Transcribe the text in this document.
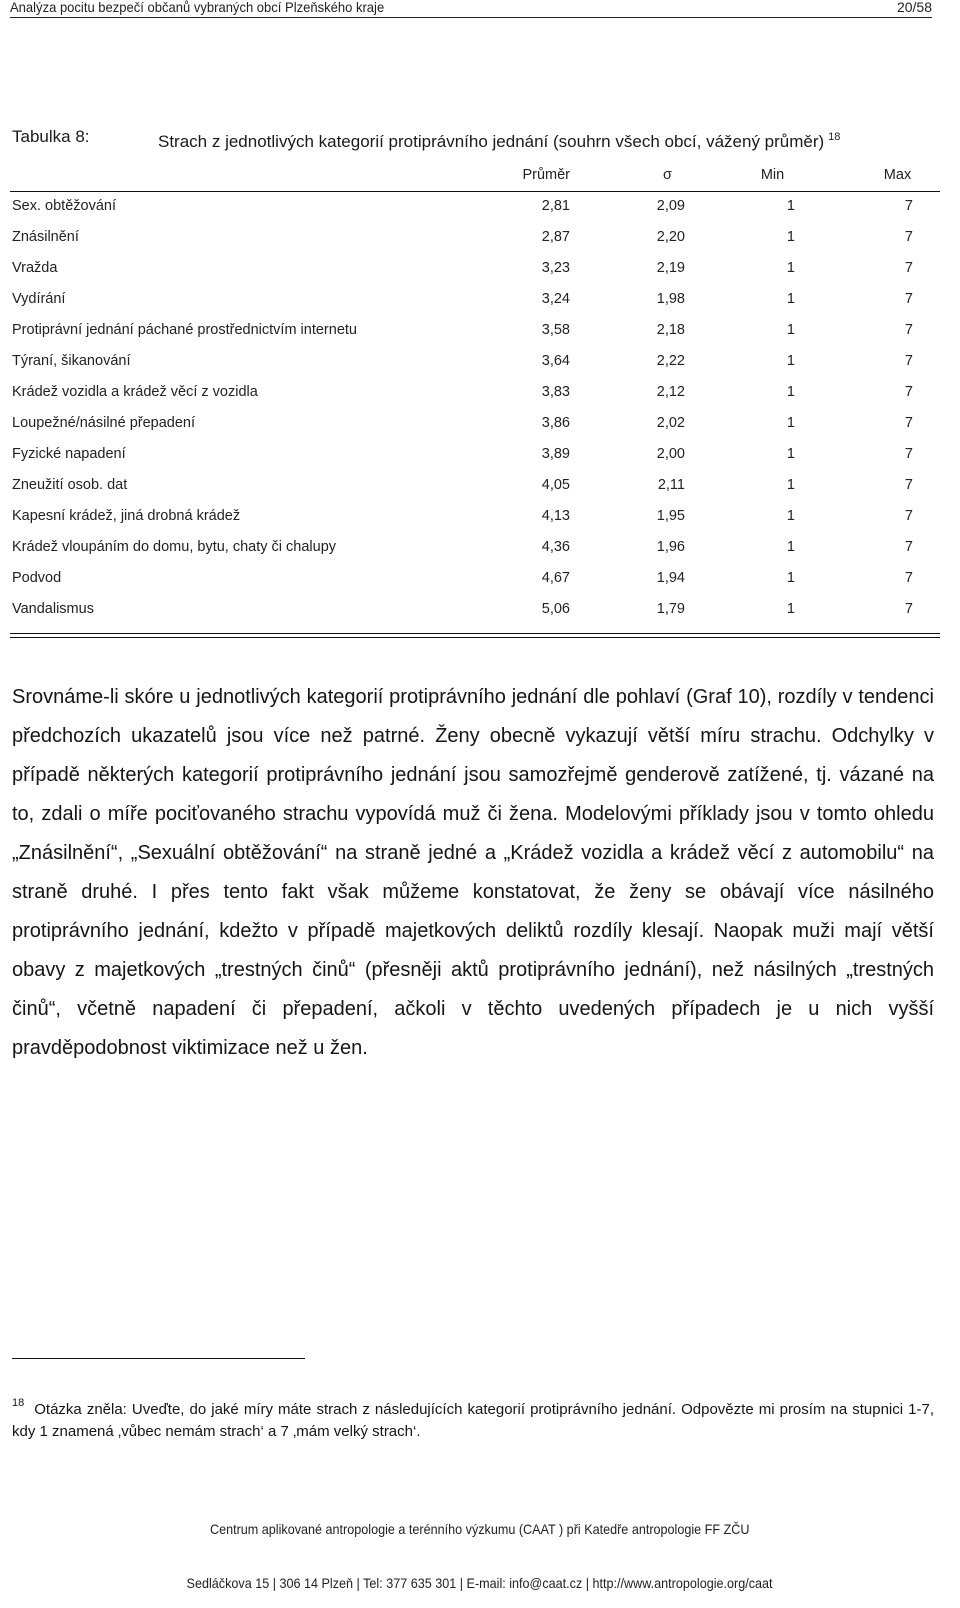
Analýza pocitu bezpečí občanů vybraných obcí Plzeňského kraje	20/58
Tabulka 8:	Strach z jednotlivých kategorií protiprávního jednání (souhrn všech obcí, vážený průměr) $^{18}$
Průměr	σ	Min	Max
Sex. obtěžování	2,81	2,09	1	7
Znásilnění	2,87	2,20	1	7
Vražda	3,23	2,19	1	7
Vydírání	3,24	1,98	1	7
Protiprávní jednání páchané prostřednictvím internetu	3,58	2,18	1	7
Týraní, šikanování	3,64	2,22	1	7
Krádež vozidla a krádež věcí z vozidla	3,83	2,12	1	7
Loupežné/násilné přepadení	3,86	2,02	1	7
Fyzické napadení	3,89	2,00	1	7
Zneužití osob. dat	4,05	2,11	1	7
Kapesní krádež, jiná drobná krádež	4,13	1,95	1	7
Krádež vloupáním do domu, bytu, chaty či chalupy	4,36	1,96	1	7
Podvod	4,67	1,94	1	7
Vandalismus	5,06	1,79	1	7
Srovnáme-li skóre u jednotlivých kategorií protiprávního jednání dle pohlaví (Graf 10), rozdíly v tendenci předchozích ukazatelů jsou více než patrné. Ženy obecně vykazují větší míru strachu. Odchylky v případě některých kategorií protiprávního jednání jsou samozřejmě genderově zatížené, tj. vázané na to, zdali o míře pociťovaného strachu vypovídá muž či žena. Modelovými příklady jsou v tomto ohledu „Znásilnění“, „Sexuální obtěžování“ na straně jedné a „Krádež vozidla a krádež věcí z automobilu“ na straně druhé. I přes tento fakt však můžeme konstatovat, že ženy se obávají více násilného protiprávního jednání, kdežto v případě majetkových deliktů rozdíly klesají. Naopak muži mají větší obavy z majetkových „trestných činů“ (přesněji aktů protiprávního jednání), než násilných „trestných činů“, včetně napadení či přepadení, ačkoli v těchto uvedených případech je u nich vyšší pravděpodobnost viktimizace než u žen.
$^{18}$ Otázka zněla: Uveďte, do jaké míry máte strach z následujících kategorií protiprávního jednání. Odpovězte mi prosím na stupnici 1-7, kdy 1 znamená ‚vůbec nemám strach‘ a 7 ‚mám velký strach‘.
Centrum aplikované antropologie a terénního výzkumu (CAAT ) při Katedře antropologie FF ZČU
Sedláčkova 15 | 306 14 Plzeň | Tel: 377 635 301 | E-mail: info@caat.cz | http://www.antropologie.org/caat
